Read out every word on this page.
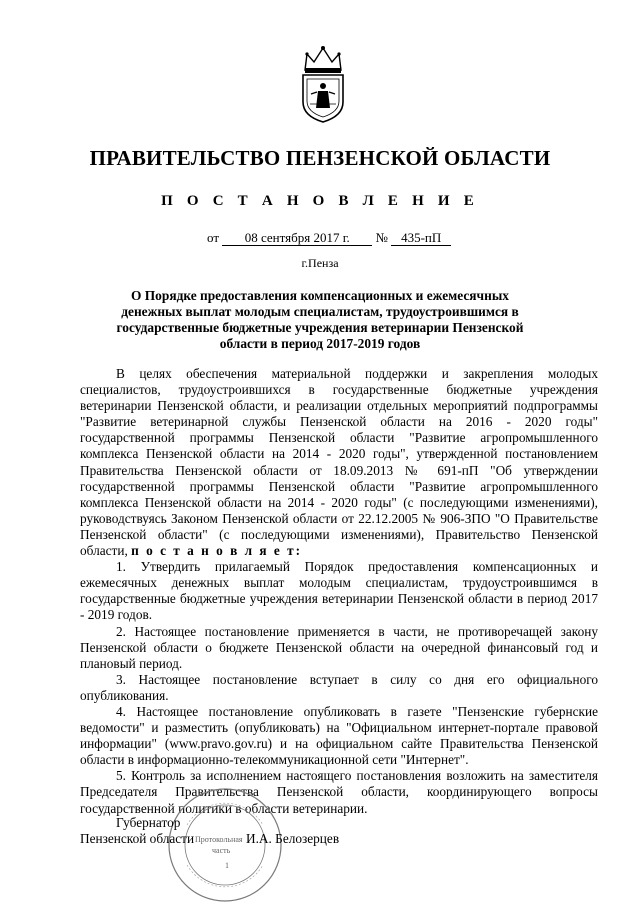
ПРАВИТЕЛЬСТВО ПЕНЗЕНСКОЙ ОБЛАСТИ
П О С Т А Н О В Л Е Н И Е
от 08 сентября 2017 г. № 435-пП
г.Пенза
О Порядке предоставления компенсационных и ежемесячных денежных выплат молодым специалистам, трудоустроившимся в государственные бюджетные учреждения ветеринарии Пензенской области в период 2017-2019 годов

В целях обеспечения материальной поддержки и закрепления молодых специалистов, трудоустроившихся в государственные бюджетные учреждения ветеринарии Пензенской области, и реализации отдельных мероприятий подпрограммы "Развитие ветеринарной службы Пензенской области на 2016 - 2020 годы" государственной программы Пензенской области "Развитие агропромышленного комплекса Пензенской области на 2014 - 2020 годы", утвержденной постановлением Правительства Пензенской области от 18.09.2013 № 691-пП "Об утверждении государственной программы Пензенской области "Развитие агропромышленного комплекса Пензенской области на 2014 - 2020 годы" (с последующими изменениями), руководствуясь Законом Пензенской области от 22.12.2005 № 906-ЗПО "О Правительстве Пензенской области" (с последующими изменениями), Правительство Пензенской области, п о с т а н о в л я е т:

1. Утвердить прилагаемый Порядок предоставления компенсационных и ежемесячных денежных выплат молодым специалистам, трудоустроившимся в государственные бюджетные учреждения ветеринарии Пензенской области в период 2017 - 2019 годов.

2. Настоящее постановление применяется в части, не противоречащей закону Пензенской области о бюджете Пензенской области на очередной финансовый год и плановый период.

3. Настоящее постановление вступает в силу со дня его официального опубликования.

4. Настоящее постановление опубликовать в газете "Пензенские губернские ведомости" и разместить (опубликовать) на "Официальном интернет-портале правовой информации" (www.pravo.gov.ru) и на официальном сайте Правительства Пензенской области в информационно-телекоммуникационной сети "Интернет".

5. Контроль за исполнением настоящего постановления возложить на заместителя Председателя Правительства Пензенской области, координирующего вопросы государственной политики в области ветеринарии.

Протокольная
часть
1
Губернатор
Пензенской области	И.А. Белозерцев
